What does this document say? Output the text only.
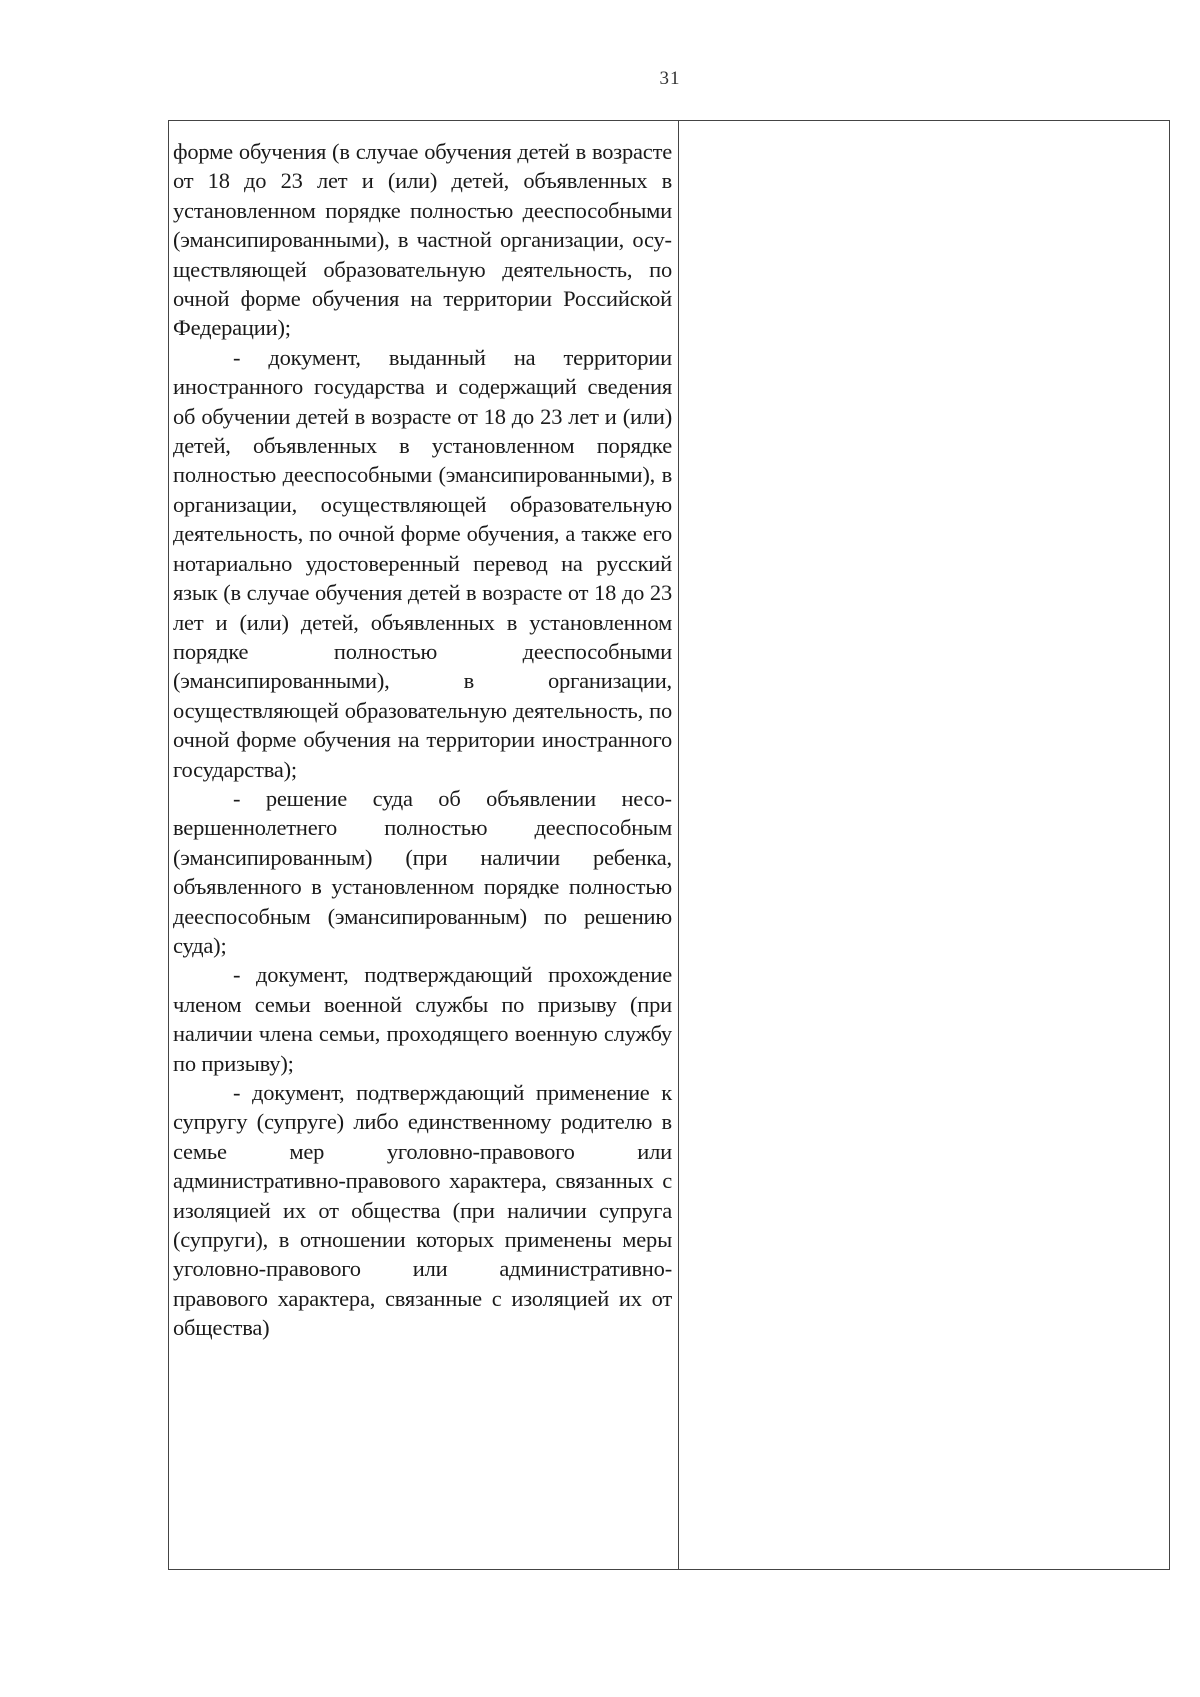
31

форме обучения (в случае обучения детей в возрасте от 18 до 23 лет и (или) детей, объявленных в установленном порядке полностью дееспособными (эмансипированными), в частной организации, осуществляющей образовательную деятельность, по очной форме обучения на территории Российской Федерации);

- документ, выданный на территории иностранного государства и содержащий сведения об обучении детей в возрасте от 18 до 23 лет и (или) детей, объявленных в установленном порядке полностью дееспособными (эмансипированными), в организации, осуществляющей образовательную деятельность, по очной форме обучения, а также его нотариально удостоверенный перевод на русский язык (в случае обучения детей в возрасте от 18 до 23 лет и (или) детей, объявленных в установленном порядке полностью дееспособными (эмансипированными), в организации, осуществляющей образовательную деятельность, по очной форме обучения на территории иностранного государства);

- решение суда об объявлении несовершеннолетнего полностью дееспособным (эмансипированным) (при наличии ребенка, объявленного в установленном порядке полностью дееспособным (эмансипированным) по решению суда);

- документ, подтверждающий прохождение членом семьи военной службы по призыву (при наличии члена семьи, проходящего военную службу по призыву);

- документ, подтверждающий применение к супругу (супруге) либо единственному родителю в семье мер уголовно-правового или административно-правового характера, связанных с изоляцией их от общества (при наличии супруга (супруги), в отношении которых применены меры уголовно-правового или административно-правового характера, связанные с изоляцией их от общества)
